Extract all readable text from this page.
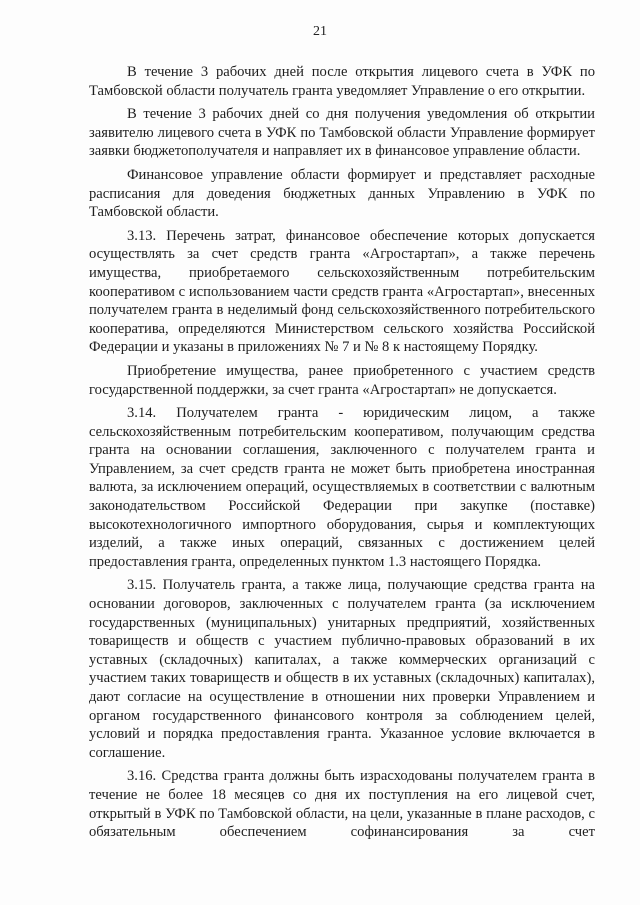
21

В течение 3 рабочих дней после открытия лицевого счета в УФК по Тамбовской области получатель гранта уведомляет Управление о его открытии.

В течение 3 рабочих дней со дня получения уведомления об открытии заявителю лицевого счета в УФК по Тамбовской области Управление формирует заявки бюджетополучателя и направляет их в финансовое управление области.

Финансовое управление области формирует и представляет расходные расписания для доведения бюджетных данных Управлению в УФК по Тамбовской области.

3.13. Перечень затрат, финансовое обеспечение которых допускается осуществлять за счет средств гранта «Агростартап», а также перечень имущества, приобретаемого сельскохозяйственным потребительским кооперативом с использованием части средств гранта «Агростартап», внесенных получателем гранта в неделимый фонд сельскохозяйственного потребительского кооператива, определяются Министерством сельского хозяйства Российской Федерации и указаны в приложениях № 7 и № 8 к настоящему Порядку.

Приобретение имущества, ранее приобретенного с участием средств государственной поддержки, за счет гранта «Агростартап» не допускается.

3.14. Получателем гранта - юридическим лицом, а также сельскохозяйственным потребительским кооперативом, получающим средства гранта на основании соглашения, заключенного с получателем гранта и Управлением, за счет средств гранта не может быть приобретена иностранная валюта, за исключением операций, осуществляемых в соответствии с валютным законодательством Российской Федерации при закупке (поставке) высокотехнологичного импортного оборудования, сырья и комплектующих изделий, а также иных операций, связанных с достижением целей предоставления гранта, определенных пунктом 1.3 настоящего Порядка.

3.15. Получатель гранта, а также лица, получающие средства гранта на основании договоров, заключенных с получателем гранта (за исключением государственных (муниципальных) унитарных предприятий, хозяйственных товариществ и обществ с участием публично-правовых образований в их уставных (складочных) капиталах, а также коммерческих организаций с участием таких товариществ и обществ в их уставных (складочных) капиталах), дают согласие на осуществление в отношении них проверки Управлением и органом государственного финансового контроля за соблюдением целей, условий и порядка предоставления гранта. Указанное условие включается в соглашение.

3.16. Средства гранта должны быть израсходованы получателем гранта в течение не более 18 месяцев со дня их поступления на его лицевой счет, открытый в УФК по Тамбовской области, на цели, указанные в плане расходов, с обязательным обеспечением софинансирования за счет
